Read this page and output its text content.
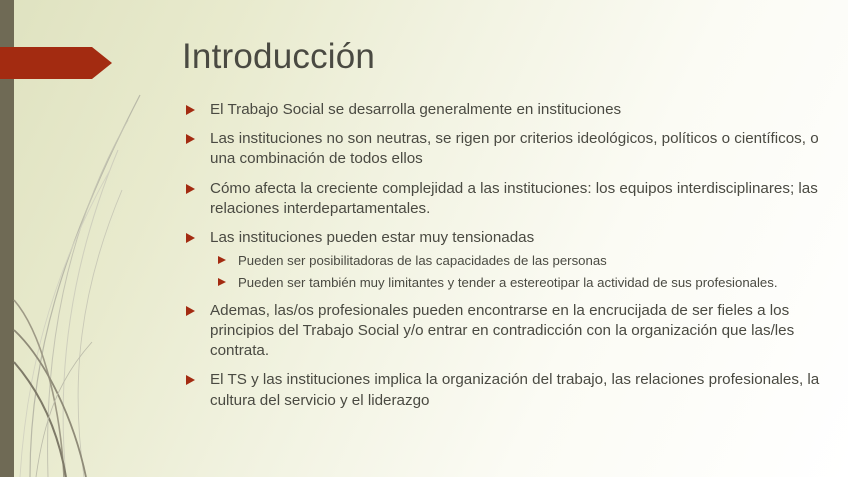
Introducción
El Trabajo Social se desarrolla generalmente en instituciones
Las instituciones no son neutras, se rigen por criterios ideológicos, políticos o científicos, o una combinación de todos ellos
Cómo afecta la creciente complejidad a las instituciones: los equipos interdisciplinares; las relaciones interdepartamentales.
Las instituciones pueden estar muy tensionadas
Pueden ser posibilitadoras de las capacidades de las personas
Pueden ser también muy limitantes y tender a estereotipar la actividad de sus profesionales.
Ademas, las/os profesionales pueden encontrarse en la encrucijada de ser fieles a los principios del Trabajo Social y/o entrar en contradicción con la organización que las/les contrata.
El TS y las instituciones implica la organización del trabajo, las relaciones profesionales, la cultura del servicio y el liderazgo
